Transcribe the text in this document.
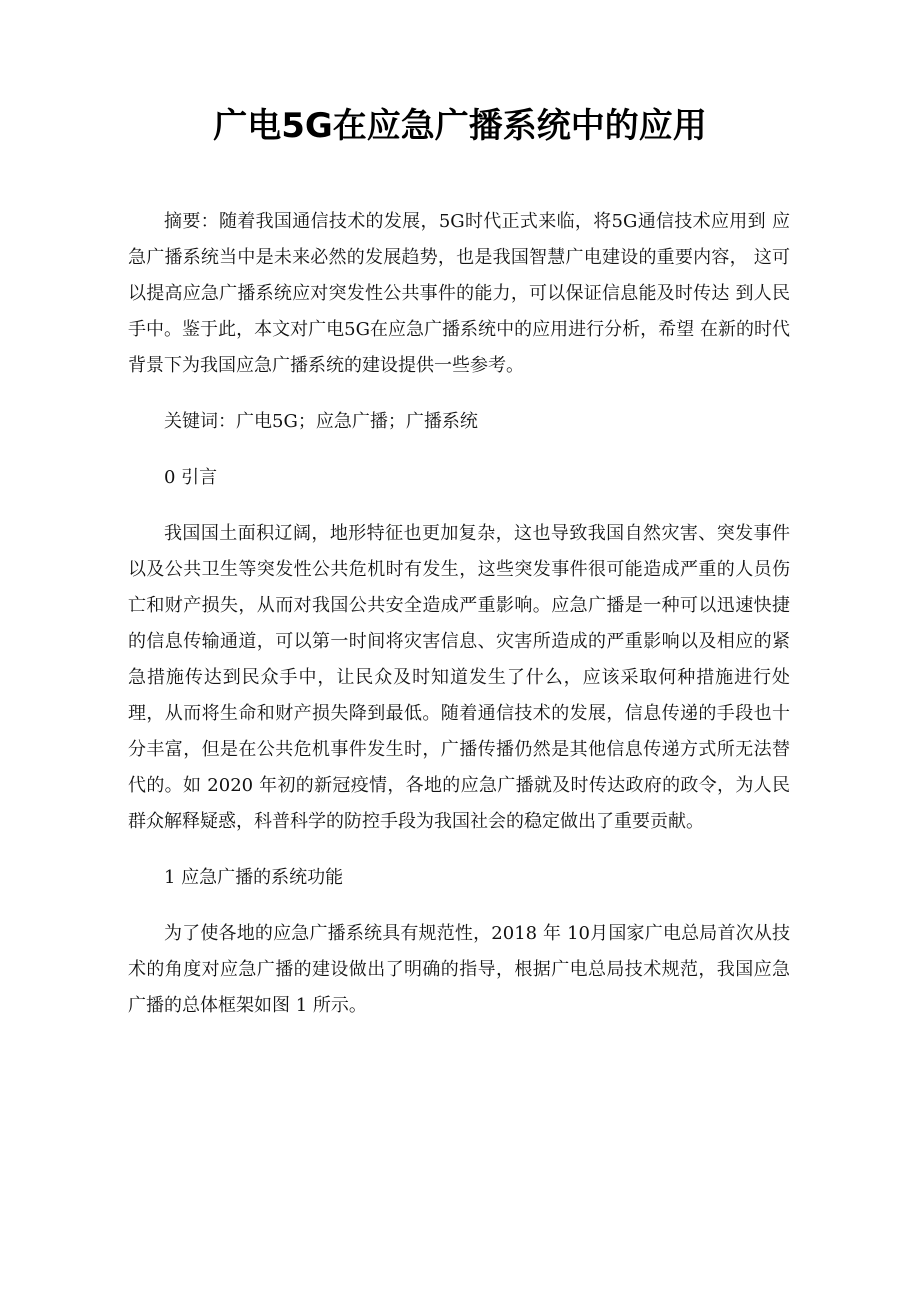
广电5G在应急广播系统中的应用

摘要：随着我国通信技术的发展，5G时代正式来临，将5G通信技术应用到 应急广播系统当中是未来必然的发展趋势，也是我国智慧广电建设的重要内容， 这可以提高应急广播系统应对突发性公共事件的能力，可以保证信息能及时传达 到人民手中。鉴于此，本文对广电5G在应急广播系统中的应用进行分析，希望 在新的时代背景下为我国应急广播系统的建设提供一些参考。

关键词：广电5G；应急广播；广播系统

0 引言

我国国土面积辽阔，地形特征也更加复杂，这也导致我国自然灾害、突发事件以及公共卫生等突发性公共危机时有发生，这些突发事件很可能造成严重的人员伤亡和财产损失，从而对我国公共安全造成严重影响。应急广播是一种可以迅速快捷的信息传输通道，可以第一时间将灾害信息、灾害所造成的严重影响以及相应的紧急措施传达到民众手中，让民众及时知道发生了什么，应该采取何种措施进行处理，从而将生命和财产损失降到最低。随着通信技术的发展，信息传递的手段也十分丰富，但是在公共危机事件发生时，广播传播仍然是其他信息传递方式所无法替代的。如 2020 年初的新冠疫情，各地的应急广播就及时传达政府的政令，为人民群众解释疑惑，科普科学的防控手段为我国社会的稳定做出了重要贡献。

1 应急广播的系统功能

为了使各地的应急广播系统具有规范性，2018 年 10月国家广电总局首次从技术的角度对应急广播的建设做出了明确的指导，根据广电总局技术规范，我国应急广播的总体框架如图 1 所示。
